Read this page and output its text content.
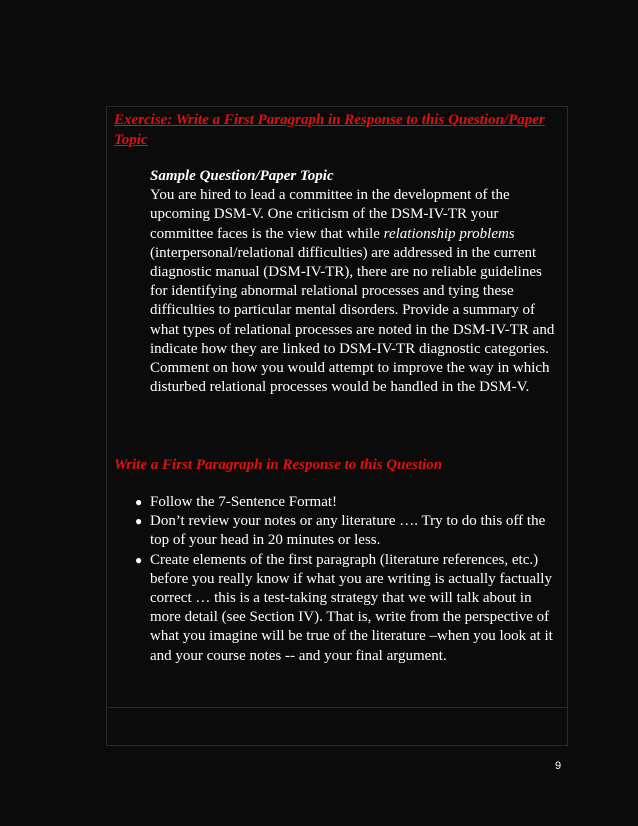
Exercise: Write a First Paragraph in Response to this Question/Paper Topic
Sample Question/Paper Topic
You are hired to lead a committee in the development of the upcoming DSM-V. One criticism of the DSM-IV-TR your committee faces is the view that while relationship problems (interpersonal/relational difficulties) are addressed in the current diagnostic manual (DSM-IV-TR), there are no reliable guidelines for identifying abnormal relational processes and tying these difficulties to particular mental disorders. Provide a summary of what types of relational processes are noted in the DSM-IV-TR and indicate how they are linked to DSM-IV-TR diagnostic categories. Comment on how you would attempt to improve the way in which disturbed relational processes would be handled in the DSM-V.
Write a First Paragraph in Response to this Question
● Follow the 7-Sentence Format!
● Don’t review your notes or any literature …. Try to do this off the top of your head in 20 minutes or less.
● Create elements of the first paragraph (literature references, etc.) before you really know if what you are writing is actually factually correct … this is a test-taking strategy that we will talk about in more detail (see Section IV). That is, write from the perspective of what you imagine will be true of the literature –when you look at it and your course notes -- and your final argument.
9
